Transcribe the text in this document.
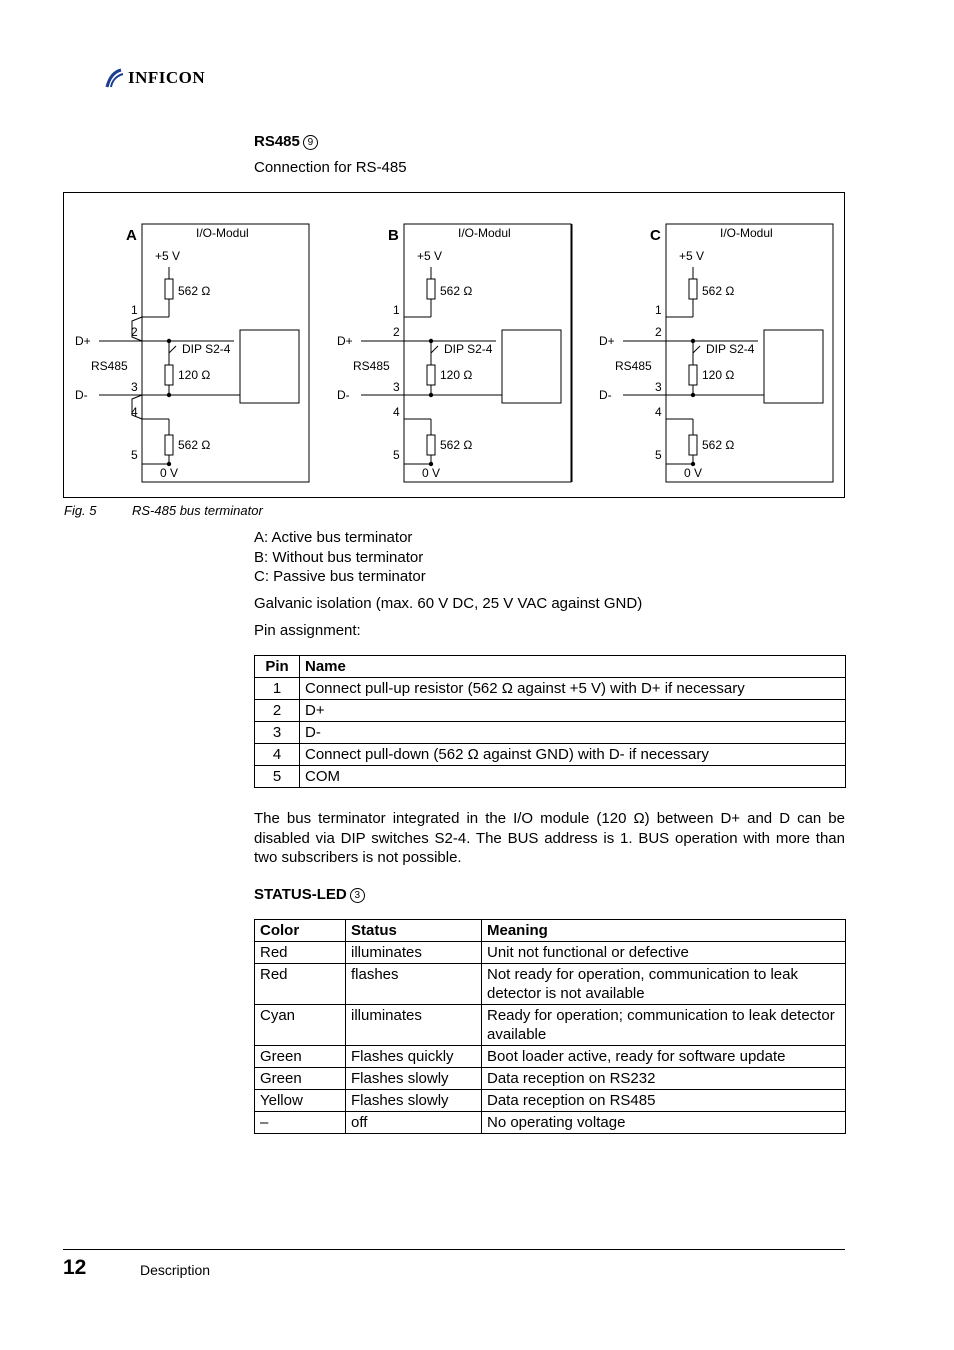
INFICON
RS485 9
Connection for RS-485
A	I/O-Modul
+5 V
562 Ω
DIP S2-4
120 Ω
562 Ω
0 V
D+
D-
RS485
1
2
3
4
5
B	I/O-Modul
+5 V
562 Ω
DIP S2-4
120 Ω
562 Ω
0 V
D+
D-
RS485
1
2
3
4
5
C	I/O-Modul
+5 V
562 Ω
DIP S2-4
120 Ω
562 Ω
0 V
D+
D-
RS485
1
2
3
4
5
Fig. 5	RS-485 bus terminator
A: Active bus terminator
B: Without bus terminator
C: Passive bus terminator
Galvanic isolation (max. 60 V DC, 25 V VAC against GND)
Pin assignment:
Pin	Name
1	Connect pull-up resistor (562 Ω against +5 V) with D+ if necessary
2	D+
3	D-
4	Connect pull-down (562 Ω against GND) with D- if necessary
5	COM
The bus terminator integrated in the I/O module (120 Ω) between D+ and D can be disabled via DIP switches S2-4. The BUS address is 1. BUS operation with more than two subscribers is not possible.
STATUS-LED 3
Color	Status	Meaning
Red	illuminates	Unit not functional or defective
Red	flashes	Not ready for operation, communication to leak detector is not available
Cyan	illuminates	Ready for operation; communication to leak detector available
Green	Flashes quickly	Boot loader active, ready for software update
Green	Flashes slowly	Data reception on RS232
Yellow	Flashes slowly	Data reception on RS485
–	off	No operating voltage
12	Description
